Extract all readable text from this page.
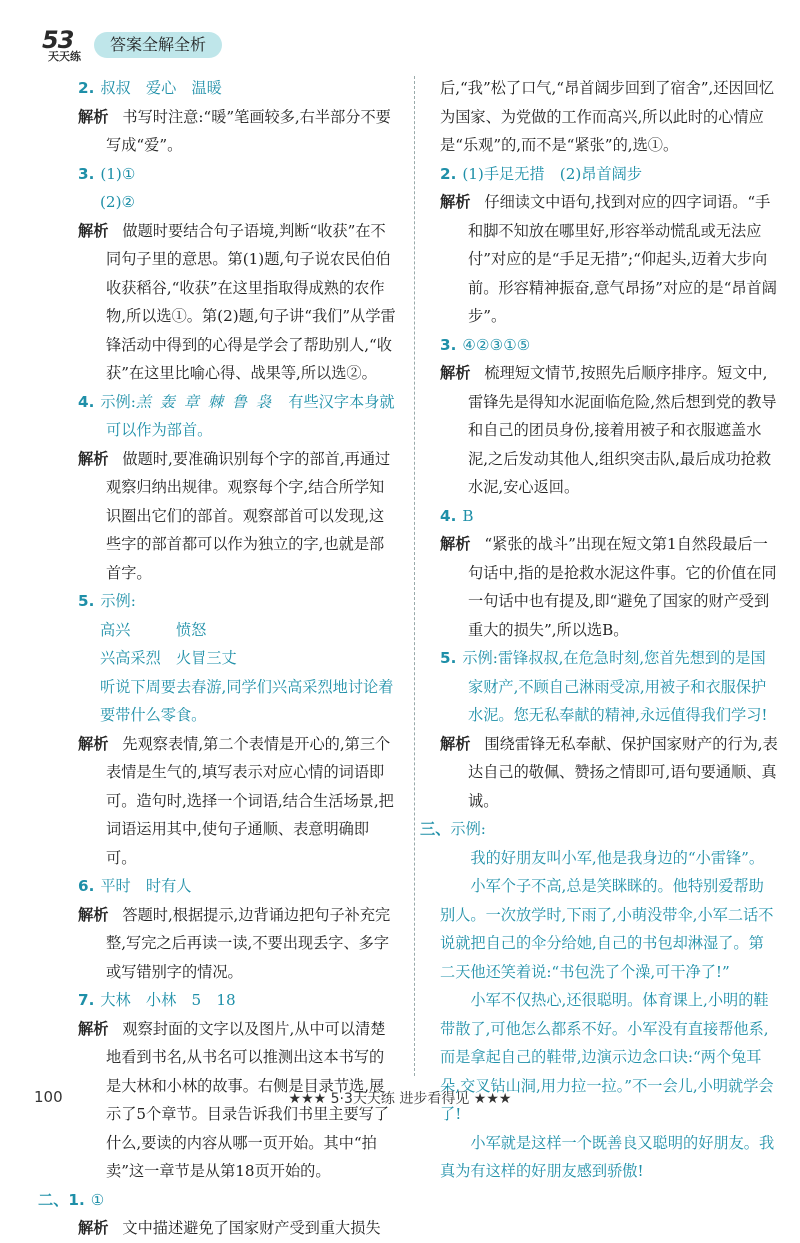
53
天天练
答案全解全析

2. 叔叔　爱心　温暖

解析 书写时注意:“暖”笔画较多,右半部分不要写成“爱”。

3. (1)①

(2)②

解析 做题时要结合句子语境,判断“收获”在不同句子里的意思。第(1)题,句子说农民伯伯收获稻谷,“收获”在这里指取得成熟的农作物,所以选①。第(2)题,句子讲“我们”从学雷锋活动中得到的心得是学会了帮助别人,“收获”在这里比喻心得、战果等,所以选②。

4. 示例:羔 轰 章 棘 鲁 袅　 有些汉字本身就可以作为部首。

解析 做题时,要准确识别每个字的部首,再通过观察归纳出规律。观察每个字,结合所学知识圈出它们的部首。观察部首可以发现,这些字的部首都可以作为独立的字,也就是部首字。

5. 示例:

高兴　　　愤怒

兴高采烈　火冒三丈

听说下周要去春游,同学们兴高采烈地讨论着要带什么零食。

解析 先观察表情,第二个表情是开心的,第三个表情是生气的,填写表示对应心情的词语即可。造句时,选择一个词语,结合生活场景,把词语运用其中,使句子通顺、表意明确即可。

6. 平时　时有人

解析 答题时,根据提示,边背诵边把句子补充完整,写完之后再读一读,不要出现丢字、多字或写错别字的情况。

7. 大林　小林　5　18

解析 观察封面的文字以及图片,从中可以清楚地看到书名,从书名可以推测出这本书写的是大林和小林的故事。右侧是目录节选,展示了5个章节。目录告诉我们书里主要写了什么,要读的内容从哪一页开始。其中“拍卖”这一章节是从第18页开始的。

二、1. ①

解析 文中描述避免了国家财产受到重大损失

后,“我”松了口气,“昂首阔步回到了宿舍”,还因回忆为国家、为党做的工作而高兴,所以此时的心情应是“乐观”的,而不是“紧张”的,选①。

2. (1)手足无措　(2)昂首阔步

解析 仔细读文中语句,找到对应的四字词语。“手和脚不知放在哪里好,形容举动慌乱或无法应付”对应的是“手足无措”;“仰起头,迈着大步向前。形容精神振奋,意气昂扬”对应的是“昂首阔步”。

3. ④②③①⑤

解析 梳理短文情节,按照先后顺序排序。短文中,雷锋先是得知水泥面临危险,然后想到党的教导和自己的团员身份,接着用被子和衣服遮盖水泥,之后发动其他人,组织突击队,最后成功抢救水泥,安心返回。

4. B

解析 “紧张的战斗”出现在短文第1自然段最后一句话中,指的是抢救水泥这件事。它的价值在同一句话中也有提及,即“避免了国家的财产受到重大的损失”,所以选B。

5. 示例:雷锋叔叔,在危急时刻,您首先想到的是国家财产,不顾自己淋雨受凉,用被子和衣服保护水泥。您无私奉献的精神,永远值得我们学习!

解析 围绕雷锋无私奉献、保护国家财产的行为,表达自己的敬佩、赞扬之情即可,语句要通顺、真诚。

三、示例:

我的好朋友叫小军,他是我身边的“小雷锋”。

小军个子不高,总是笑眯眯的。他特别爱帮助别人。一次放学时,下雨了,小萌没带伞,小军二话不说就把自己的伞分给她,自己的书包却淋湿了。第二天他还笑着说:“书包洗了个澡,可干净了!”

小军不仅热心,还很聪明。体育课上,小明的鞋带散了,可他怎么都系不好。小军没有直接帮他系,而是拿起自己的鞋带,边演示边念口诀:“两个兔耳朵,交叉钻山洞,用力拉一拉。”不一会儿,小明就学会了!

小军就是这样一个既善良又聪明的好朋友。我真为有这样的好朋友感到骄傲!

100	★★★ 5·3天天练 进步看得见 ★★★
